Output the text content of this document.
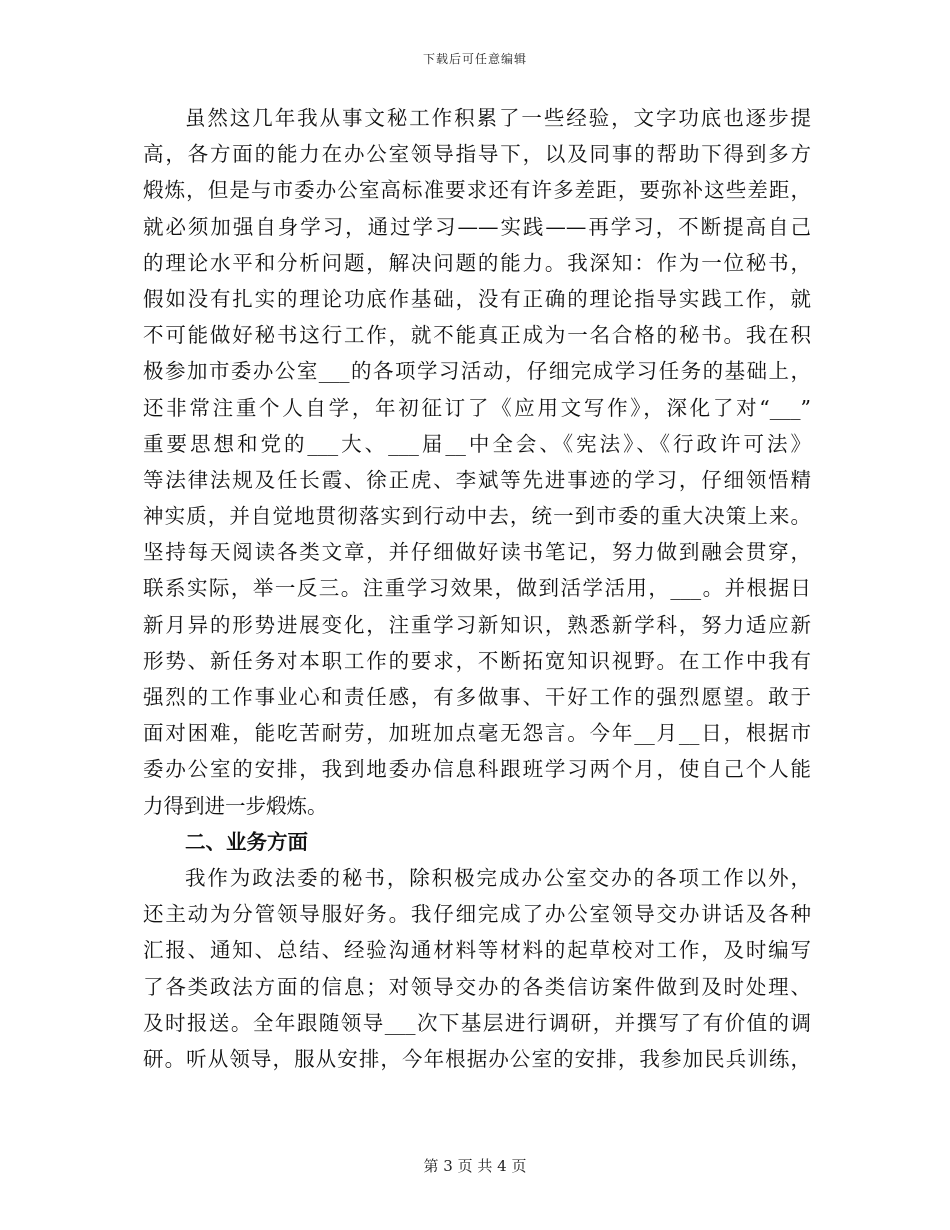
下载后可任意编辑
虽然这几年我从事文秘工作积累了一些经验，文字功底也逐步提
高，各方面的能力在办公室领导指导下，以及同事的帮助下得到多方
煅炼，但是与市委办公室高标准要求还有许多差距，要弥补这些差距，
就必须加强自身学习，通过学习——实践——再学习，不断提高自己
的理论水平和分析问题，解决问题的能力。我深知：作为一位秘书，
假如没有扎实的理论功底作基础，没有正确的理论指导实践工作，就
不可能做好秘书这行工作，就不能真正成为一名合格的秘书。我在积
极参加市委办公室___的各项学习活动，仔细完成学习任务的基础上，
还非常注重个人自学，年初征订了《应用文写作》，深化了对“___”
重要思想和党的___大、___届__中全会、《宪法》、《行政许可法》
等法律法规及任长霞、徐正虎、李斌等先进事迹的学习，仔细领悟精
神实质，并自觉地贯彻落实到行动中去，统一到市委的重大决策上来。
坚持每天阅读各类文章，并仔细做好读书笔记，努力做到融会贯穿，
联系实际，举一反三。注重学习效果，做到活学活用，___。并根据日
新月异的形势进展变化，注重学习新知识，熟悉新学科，努力适应新
形势、新任务对本职工作的要求，不断拓宽知识视野。在工作中我有
强烈的工作事业心和责任感，有多做事、干好工作的强烈愿望。敢于
面对困难，能吃苦耐劳，加班加点毫无怨言。今年__月__日，根据市
委办公室的安排，我到地委办信息科跟班学习两个月，使自己个人能
力得到进一步煅炼。
二、业务方面
我作为政法委的秘书，除积极完成办公室交办的各项工作以外，
还主动为分管领导服好务。我仔细完成了办公室领导交办讲话及各种
汇报、通知、总结、经验沟通材料等材料的起草校对工作，及时编写
了各类政法方面的信息；对领导交办的各类信访案件做到及时处理、
及时报送。全年跟随领导___次下基层进行调研，并撰写了有价值的调
研。听从领导，服从安排，今年根据办公室的安排，我参加民兵训练，
第 3 页 共 4 页
